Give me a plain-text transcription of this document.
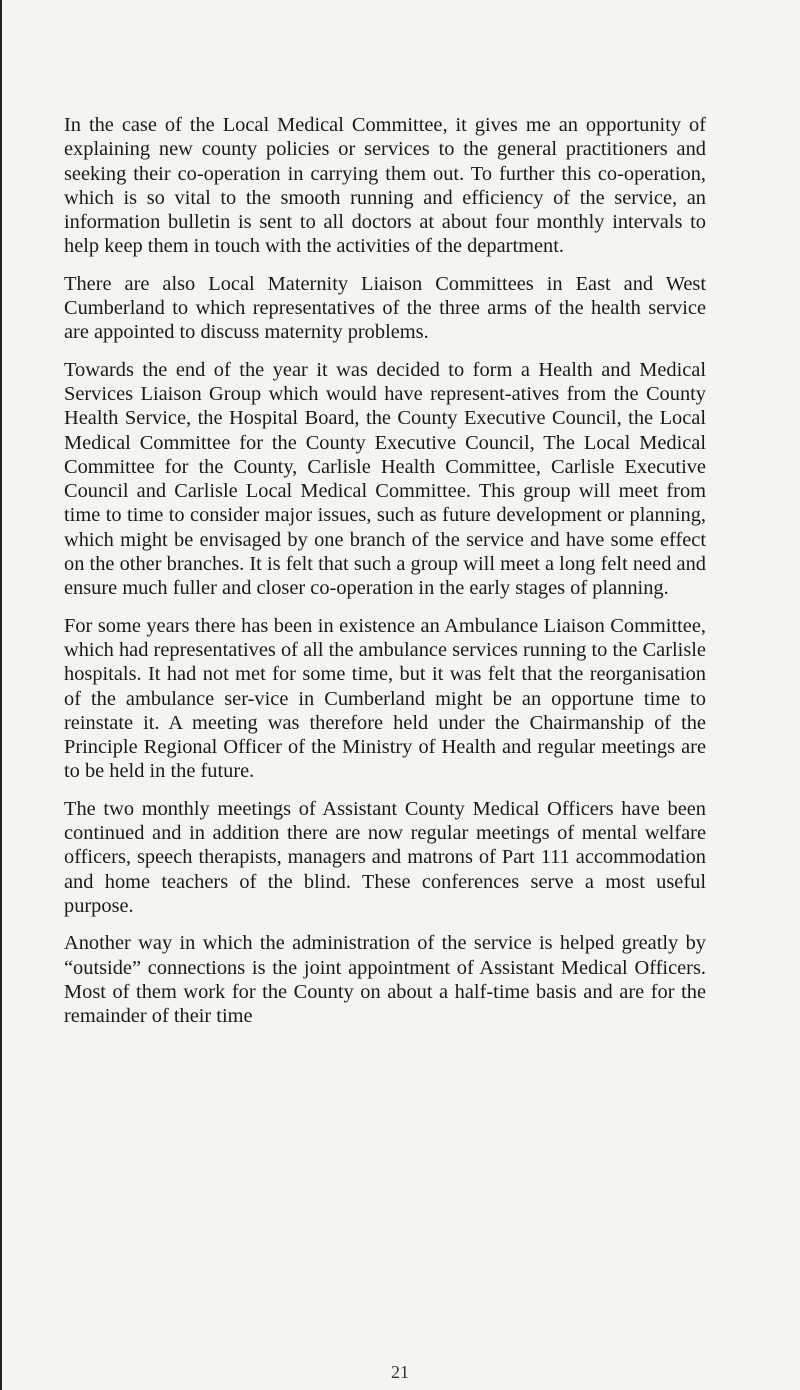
In the case of the Local Medical Committee, it gives me an opportunity of explaining new county policies or services to the general practitioners and seeking their co-operation in carrying them out. To further this co-operation, which is so vital to the smooth running and efficiency of the service, an information bulletin is sent to all doctors at about four monthly intervals to help keep them in touch with the activities of the department.

There are also Local Maternity Liaison Committees in East and West Cumberland to which representatives of the three arms of the health service are appointed to discuss maternity problems.

Towards the end of the year it was decided to form a Health and Medical Services Liaison Group which would have represent-atives from the County Health Service, the Hospital Board, the County Executive Council, the Local Medical Committee for the County Executive Council, The Local Medical Committee for the County, Carlisle Health Committee, Carlisle Executive Council and Carlisle Local Medical Committee. This group will meet from time to time to consider major issues, such as future development or planning, which might be envisaged by one branch of the service and have some effect on the other branches. It is felt that such a group will meet a long felt need and ensure much fuller and closer co-operation in the early stages of planning.

For some years there has been in existence an Ambulance Liaison Committee, which had representatives of all the ambulance services running to the Carlisle hospitals. It had not met for some time, but it was felt that the reorganisation of the ambulance ser-vice in Cumberland might be an opportune time to reinstate it. A meeting was therefore held under the Chairmanship of the Principle Regional Officer of the Ministry of Health and regular meetings are to be held in the future.

The two monthly meetings of Assistant County Medical Officers have been continued and in addition there are now regular meetings of mental welfare officers, speech therapists, managers and matrons of Part 111 accommodation and home teachers of the blind. These conferences serve a most useful purpose.

Another way in which the administration of the service is helped greatly by “outside” connections is the joint appointment of Assistant Medical Officers. Most of them work for the County on about a half-time basis and are for the remainder of their time

21
